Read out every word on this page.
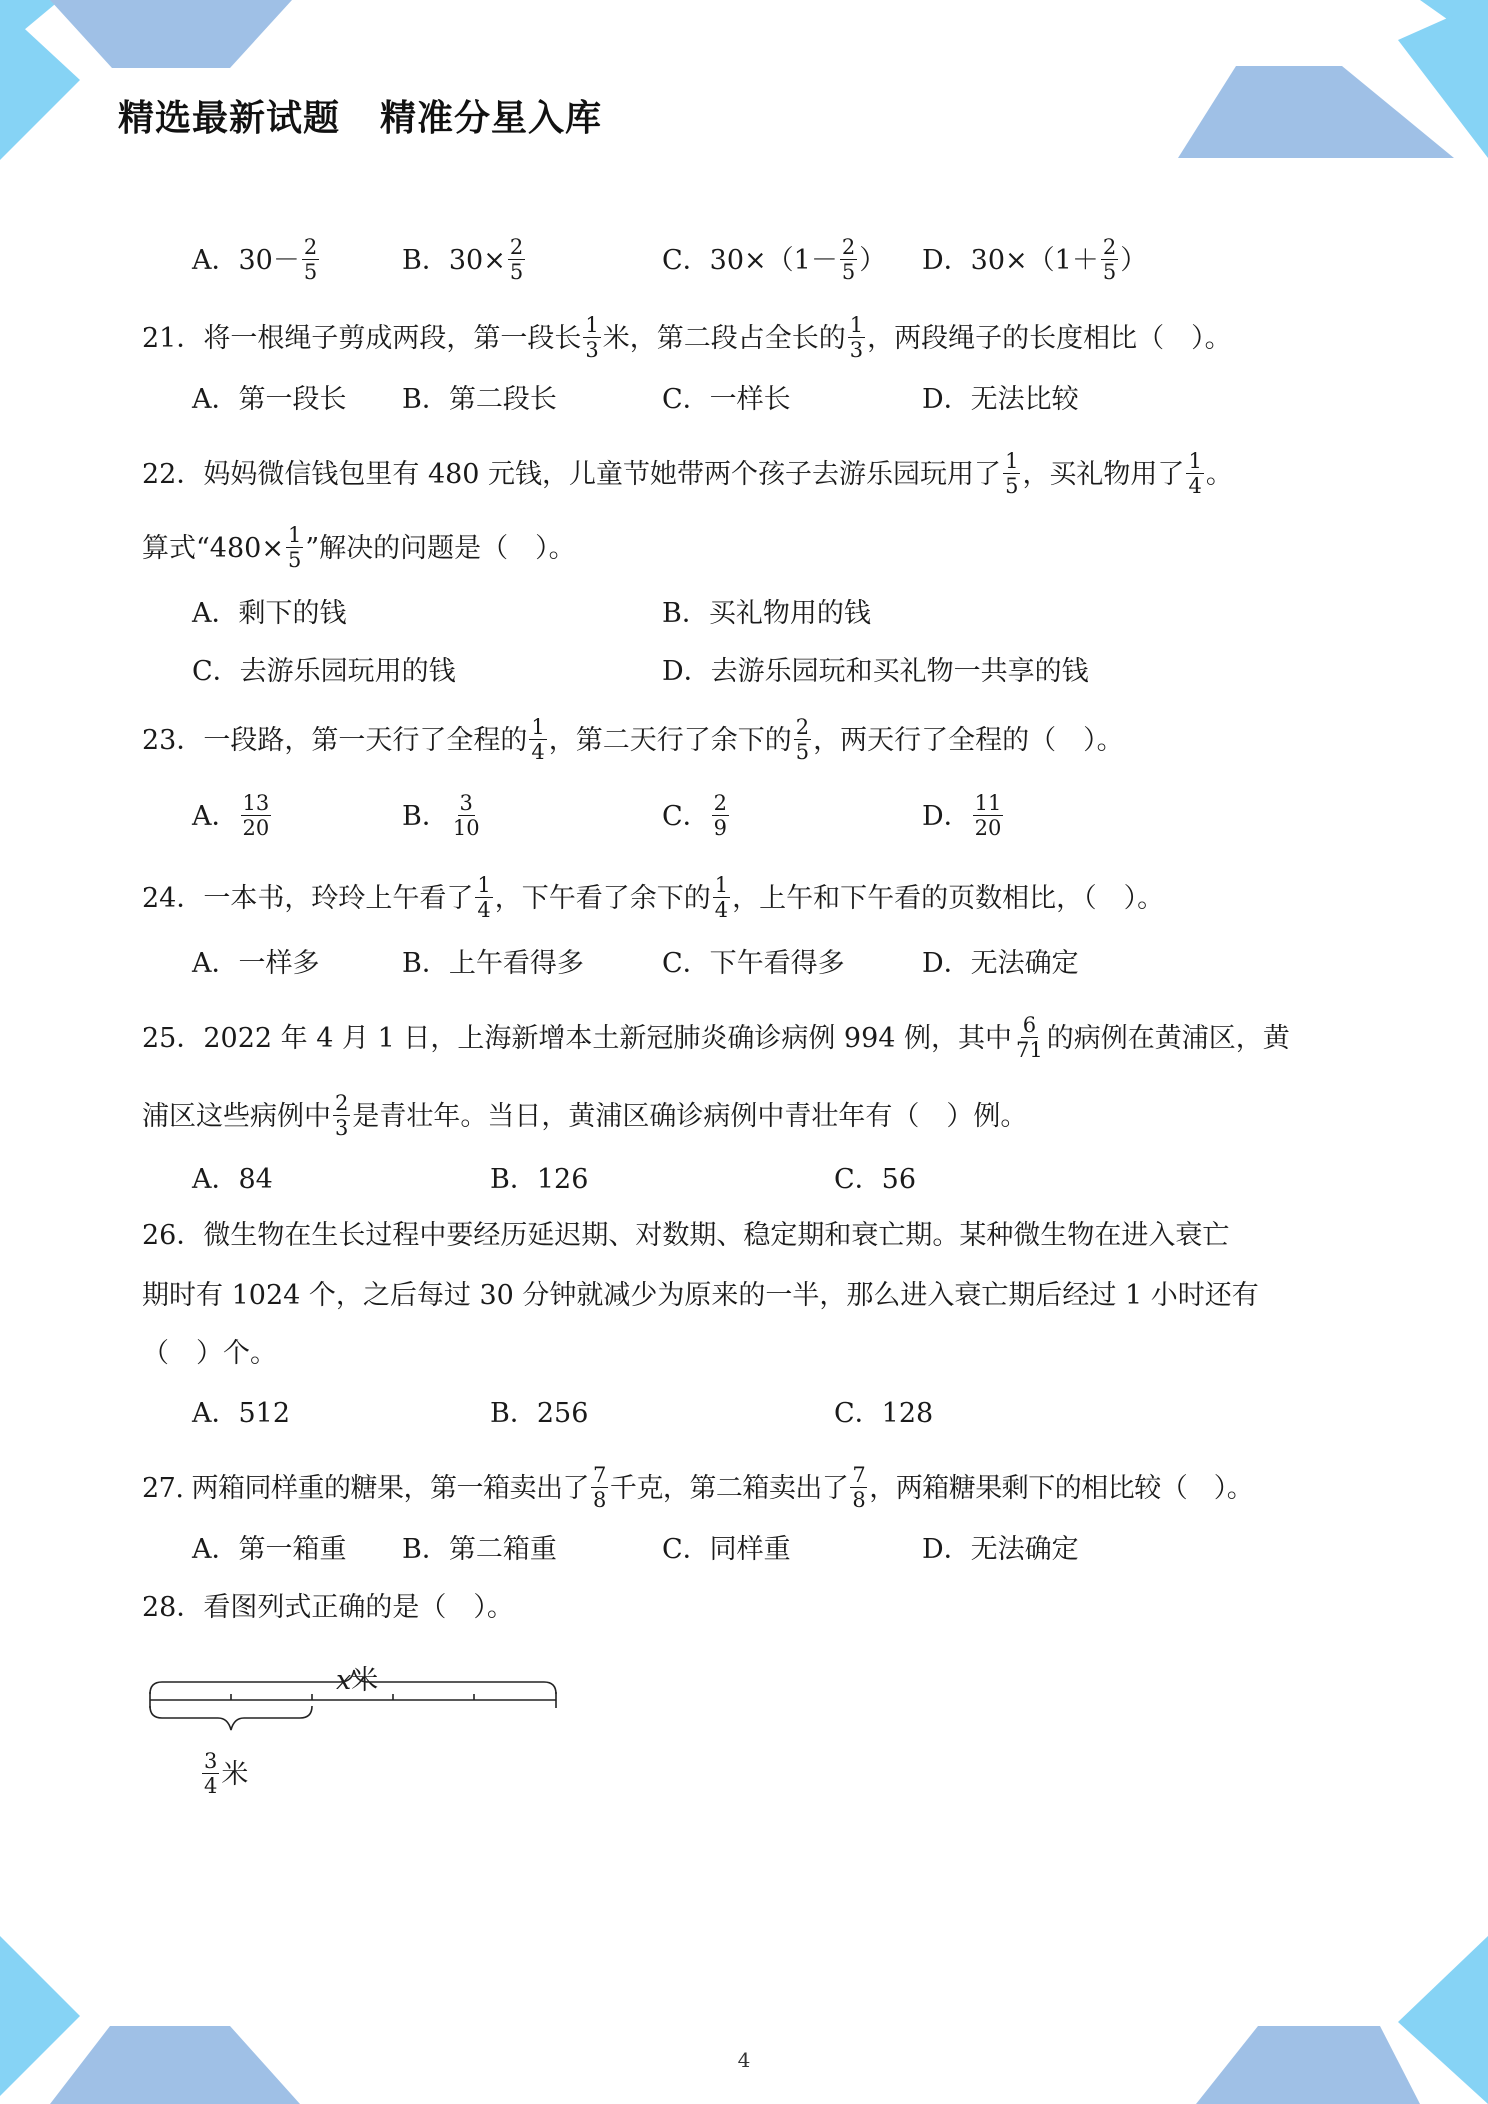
精选最新试题 精准分星入库
A．$30- \frac{2}{5}$	B．$30\times \frac{2}{5}$	C．$30\times(1- \frac{2}{5}$ ） D．$30\times(1+ \frac{2}{5}$ ）
21．将一根绳子剪成两段，第一段长 $\frac{1}{3}$ 米，第二段占全长的 $\frac{1}{3}$ ，两段绳子的长度相比（　）。
A．第一段长 B．第二段长	C．一样长	D．无法比较
22．妈妈微信钱包里有 480 元钱，儿童节她带两个孩子去游乐园玩用了 $\frac{1}{5}$ ，买礼物用了 $\frac{1}{4}$ 。
算式“$480\times \frac{1}{5}$ ”解决的问题是（　）。
A．剩下的钱	B．买礼物用的钱
C．去游乐园玩用的钱	D．去游乐园玩和买礼物一共享的钱
23．一段路，第一天行了全程的 $\frac{1}{4}$ ，第二天行了余下的 $\frac{2}{5}$ ，两天行了全程的（　）。
A． $\frac{13}{20}$	B． $\frac{3}{10}$	C． $\frac{2}{9}$	D． $\frac{11}{20}$
24．一本书，玲玲上午看了 $\frac{1}{4}$ ，下午看了余下的 $\frac{1}{4}$ ，上午和下午看的页数相比，（　）。
A．一样多	B．上午看得多	C．下午看得多	D．无法确定
25．2022 年 4 月 1 日，上海新增本土新冠肺炎确诊病例 994 例，其中 $\frac{6}{71}$ 的病例在黄浦区，黄
浦区这些病例中 $\frac{2}{3}$ 是青壮年。当日，黄浦区确诊病例中青壮年有（　）例。
A．84	B．126	C．56
26．微生物在生长过程中要经历延迟期、对数期、稳定期和衰亡期。某种微生物在进入衰亡
期时有 1024 个，之后每过 30 分钟就减少为原来的一半，那么进入衰亡期后经过 1 小时还有
（　）个。
A．512	B．256	C．128
27. 两箱同样重的糖果，第一箱卖出了 $\frac{7}{8}$ 千克，第二箱卖出了 $\frac{7}{8}$ ，两箱糖果剩下的相比较（　）。
A．第一箱重 B．第二箱重	C．同样重	D．无法确定
28．看图列式正确的是（　）。
x米
$\frac{3}{4}$ 米
4
